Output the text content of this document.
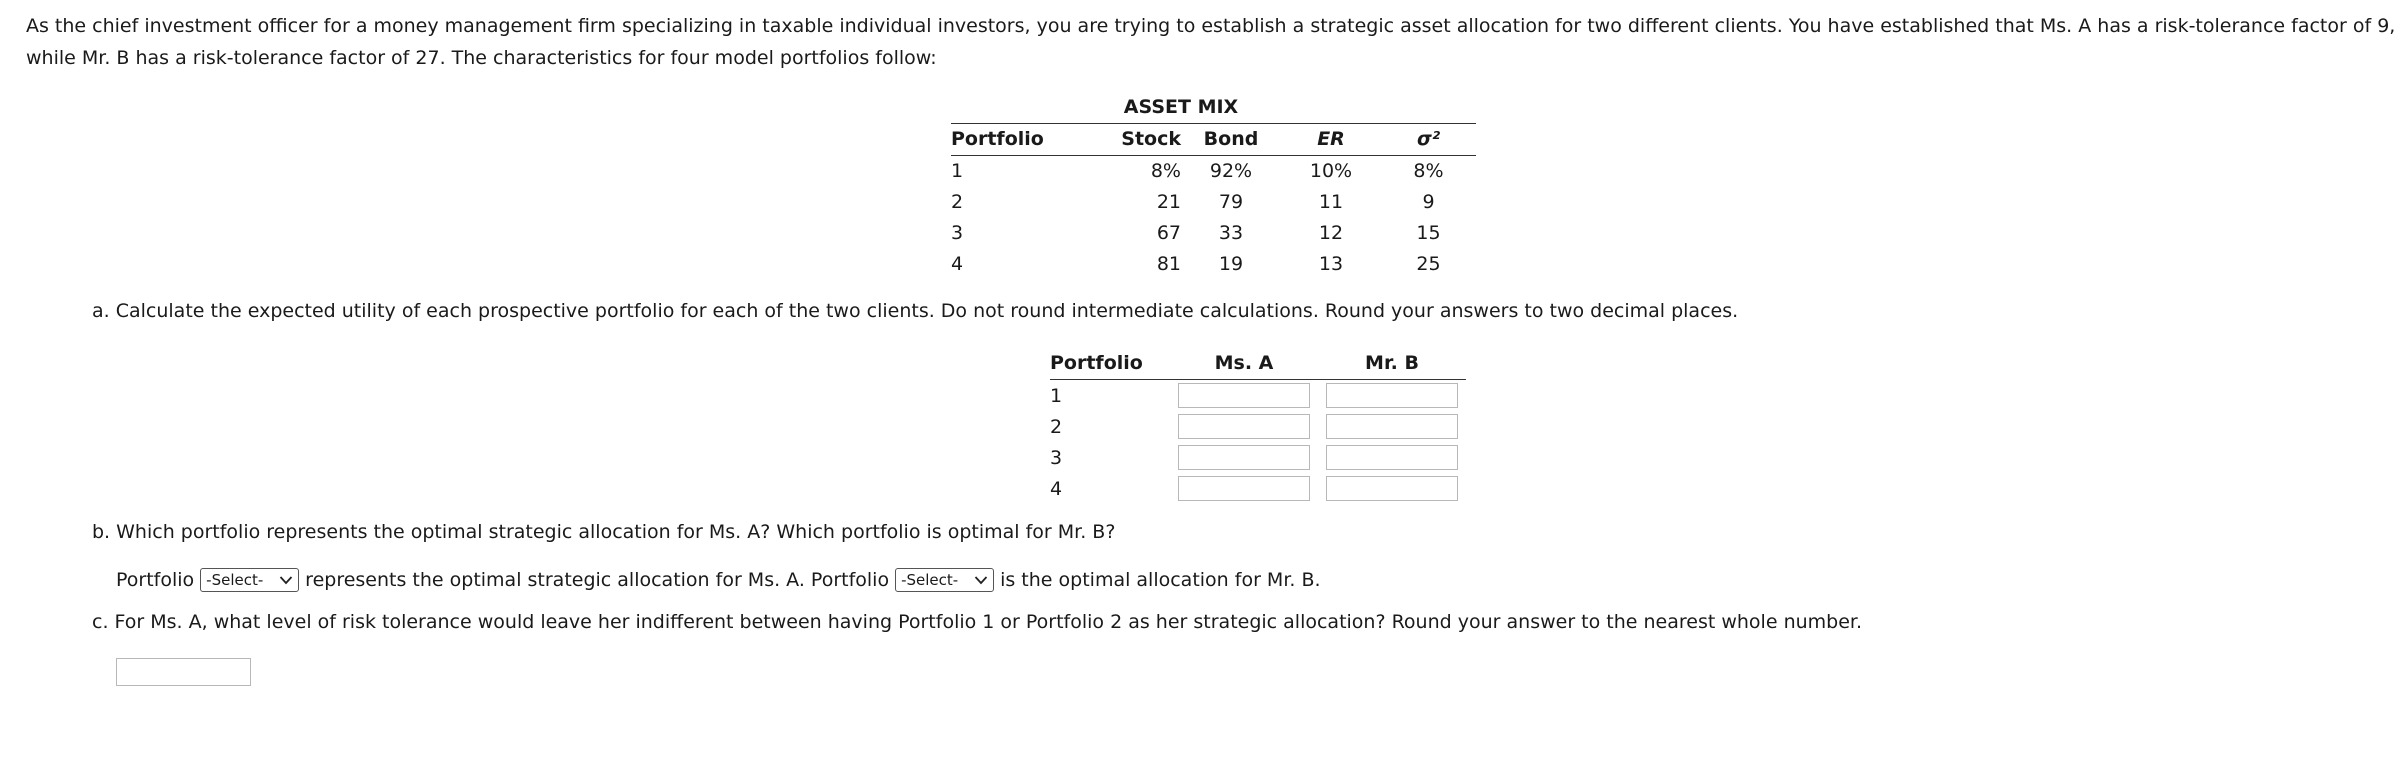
As the chief investment officer for a money management firm specializing in taxable individual investors, you are trying to establish a strategic asset allocation for two different clients. You have established that Ms. A has a risk-tolerance factor of 9, while Mr. B has a risk-tolerance factor of 27. The characteristics for four model portfolios follow:

	ASSET MIX			
Portfolio	Stock	Bond	ER	σ²
1	8%	92%	10%	8%
2	21	79	11	9
3	67	33	12	15
4	81	19	13	25

a. Calculate the expected utility of each prospective portfolio for each of the two clients. Do not round intermediate calculations. Round your answers to two decimal places.

Portfolio	Ms. A	Mr. B
1	

2	

3	

4	

b. Which portfolio represents the optimal strategic allocation for Ms. A? Which portfolio is optimal for Mr. B?

Portfolio -Select- represents the optimal strategic allocation for Ms. A. Portfolio -Select- is the optimal allocation for Mr. B.

c. For Ms. A, what level of risk tolerance would leave her indifferent between having Portfolio 1 or Portfolio 2 as her strategic allocation? Round your answer to the nearest whole number.
